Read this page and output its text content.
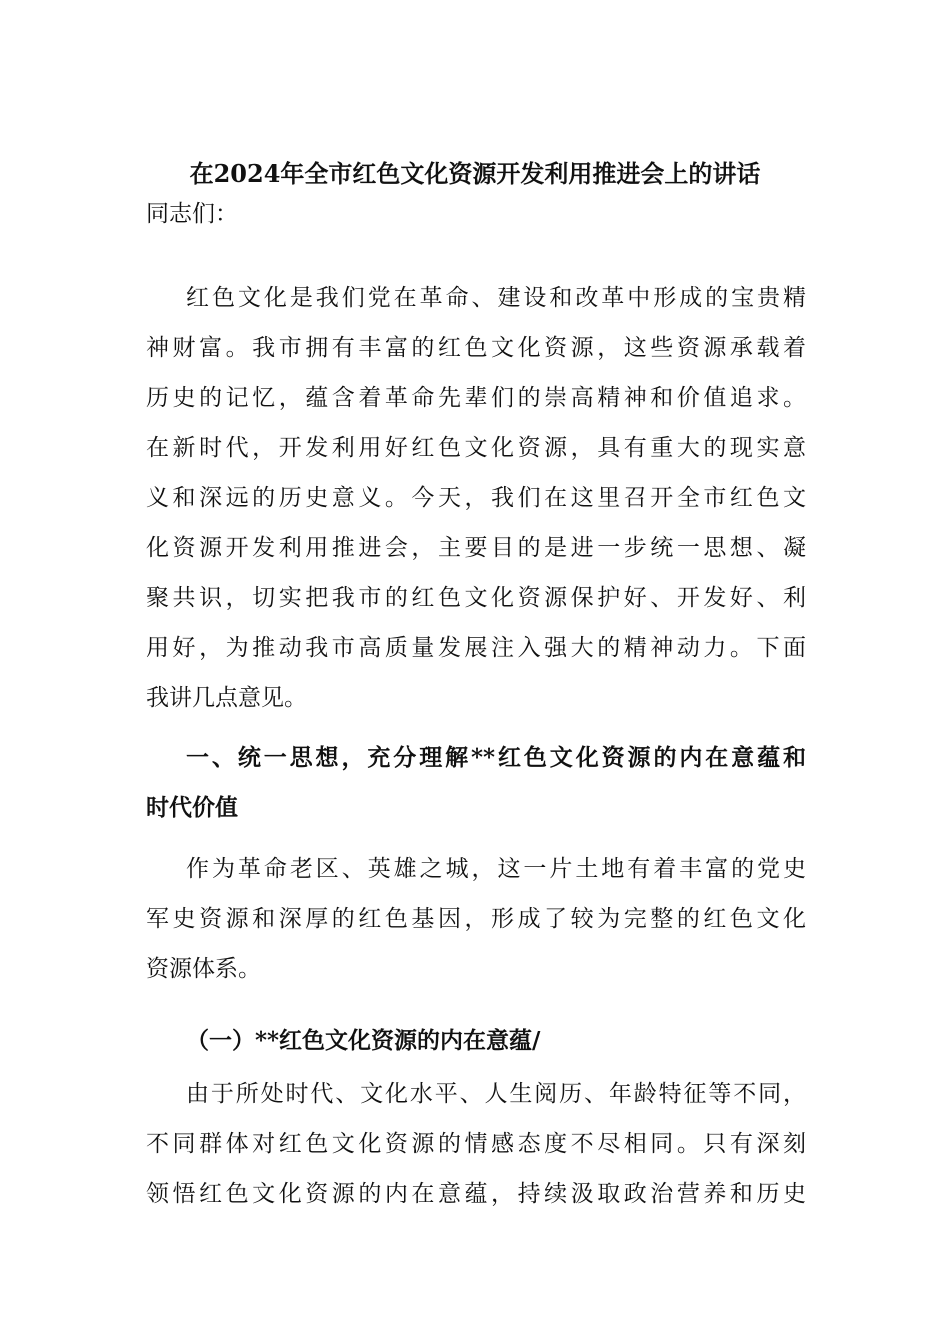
在2024年全市红色文化资源开发利用推进会上的讲话
同志们：
红色文化是我们党在革命、建设和改革中形成的宝贵精
神财富。我市拥有丰富的红色文化资源，这些资源承载着
历史的记忆，蕴含着革命先辈们的崇高精神和价值追求。
在新时代，开发利用好红色文化资源，具有重大的现实意
义和深远的历史意义。今天，我们在这里召开全市红色文
化资源开发利用推进会，主要目的是进一步统一思想、凝
聚共识，切实把我市的红色文化资源保护好、开发好、利
用好，为推动我市高质量发展注入强大的精神动力。下面
我讲几点意见。
一、统一思想，充分理解**红色文化资源的内在意蕴和
时代价值
作为革命老区、英雄之城，这一片土地有着丰富的党史
军史资源和深厚的红色基因，形成了较为完整的红色文化
资源体系。
（一）**红色文化资源的内在意蕴/
由于所处时代、文化水平、人生阅历、年龄特征等不同，
不同群体对红色文化资源的情感态度不尽相同。只有深刻
领悟红色文化资源的内在意蕴，持续汲取政治营养和历史
